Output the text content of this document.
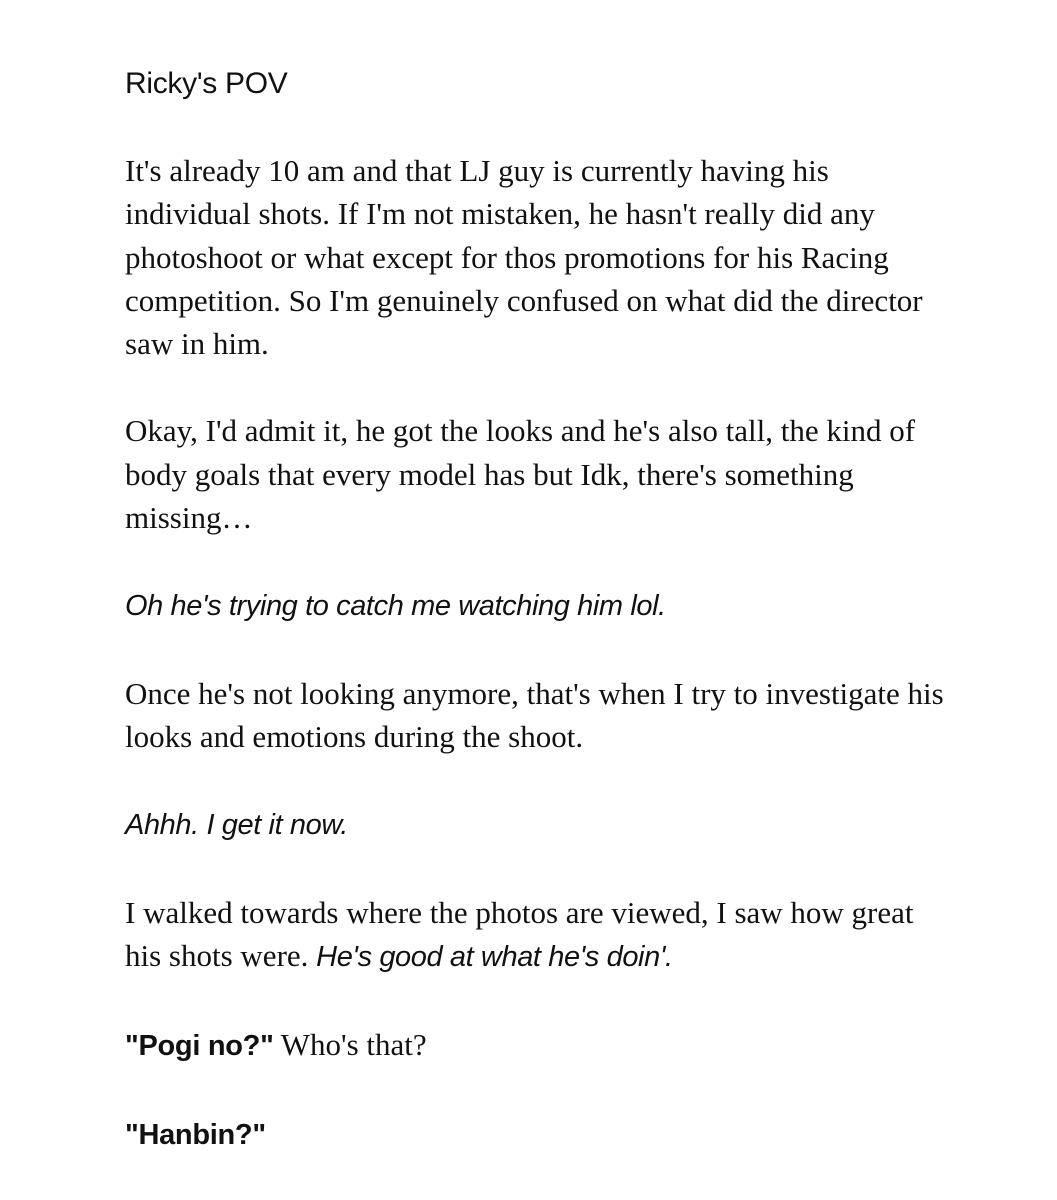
Ricky's POV

It's already 10 am and that LJ guy is currently having his individual shots. If I'm not mistaken, he hasn't really did any photoshoot or what except for thos promotions for his Racing competition. So I'm genuinely confused on what did the director saw in him.

Okay, I'd admit it, he got the looks and he's also tall, the kind of body goals that every model has but Idk, there's something missing…

Oh he's trying to catch me watching him lol.

Once he's not looking anymore, that's when I try to investigate his looks and emotions during the shoot.

Ahhh. I get it now.

I walked towards where the photos are viewed, I saw how great his shots were. He's good at what he's doin'.

"Pogi no?" Who's that?

"Hanbin?"
